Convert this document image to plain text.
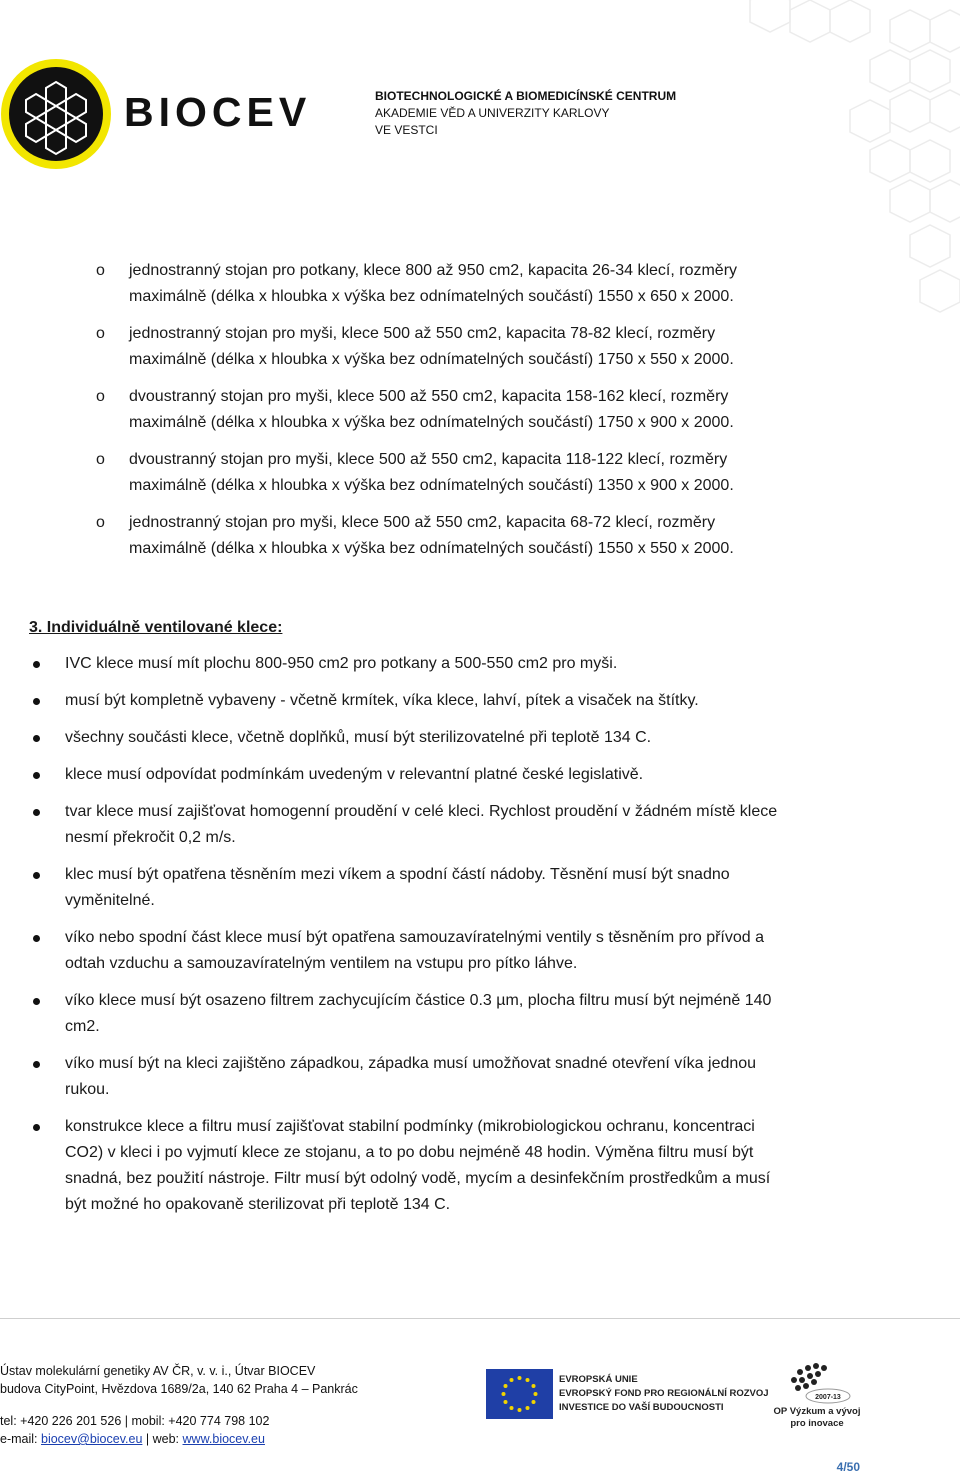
BIOCEV	BIOTECHNOLOGICKÉ A BIOMEDICÍNSKÉ CENTRUM
AKADEMIE VĚD A UNIVERZITY KARLOVY
VE VESTCI
o jednostranný stojan pro potkany, klece 800 až 950 cm2, kapacita 26-34 klecí, rozměry
maximálně (délka x hloubka x výška bez odnímatelných součástí) 1550 x 650 x 2000.
o jednostranný stojan pro myši, klece 500 až 550 cm2, kapacita 78-82 klecí, rozměry
maximálně (délka x hloubka x výška bez odnímatelných součástí) 1750 x 550 x 2000.
o dvoustranný stojan pro myši, klece 500 až 550 cm2, kapacita 158-162 klecí, rozměry
maximálně (délka x hloubka x výška bez odnímatelných součástí) 1750 x 900 x 2000.
o dvoustranný stojan pro myši, klece 500 až 550 cm2, kapacita 118-122 klecí, rozměry
maximálně (délka x hloubka x výška bez odnímatelných součástí) 1350 x 900 x 2000.
o jednostranný stojan pro myši, klece 500 až 550 cm2, kapacita 68-72 klecí, rozměry
maximálně (délka x hloubka x výška bez odnímatelných součástí) 1550 x 550 x 2000.
3. Individuálně ventilované klece:
IVC klece musí mít plochu 800-950 cm2 pro potkany a 500-550 cm2 pro myši.
musí být kompletně vybaveny - včetně krmítek, víka klece, lahví, pítek a visaček na štítky.
všechny součásti klece, včetně doplňků, musí být sterilizovatelné při teplotě 134 C.
klece musí odpovídat podmínkám uvedeným v relevantní platné české legislativě.
tvar klece musí zajišťovat homogenní proudění v celé kleci. Rychlost proudění v žádném místě klece
nesmí překročit 0,2 m/s.
klec musí být opatřena těsněním mezi víkem a spodní částí nádoby. Těsnění musí být snadno
vyměnitelné.
víko nebo spodní část klece musí být opatřena samouzavíratelnými ventily s těsněním pro přívod a
odtah vzduchu a samouzavíratelným ventilem na vstupu pro pítko láhve.
víko klece musí být osazeno filtrem zachycujícím částice 0.3 µm, plocha filtru musí být nejméně 140
cm2.
víko musí být na kleci zajištěno západkou, západka musí umožňovat snadné otevření víka jednou
rukou.
konstrukce klece a filtru musí zajišťovat stabilní podmínky (mikrobiologickou ochranu, koncentraci
CO2) v kleci i po vyjmutí klece ze stojanu, a to po dobu nejméně 48 hodin. Výměna filtru musí být
snadná, bez použití nástroje. Filtr musí být odolný vodě, mycím a desinfekčním prostředkům a musí
být možné ho opakovaně sterilizovat při teplotě 134 C.
Ústav molekulární genetiky AV ČR, v. v. i., Útvar BIOCEV
budova CityPoint, Hvězdova 1689/2a, 140 62 Praha 4 – Pankrác
tel: +420 226 201 526 | mobil: +420 774 798 102
e-mail: biocev@biocev.eu | web: www.biocev.eu
EVROPSKÁ UNIE
EVROPSKÝ FOND PRO REGIONÁLNÍ ROZVOJ
INVESTICE DO VAŠÍ BUDOUCNOSTI
2007-13
OP Výzkum a vývoj
pro inovace
4/50
